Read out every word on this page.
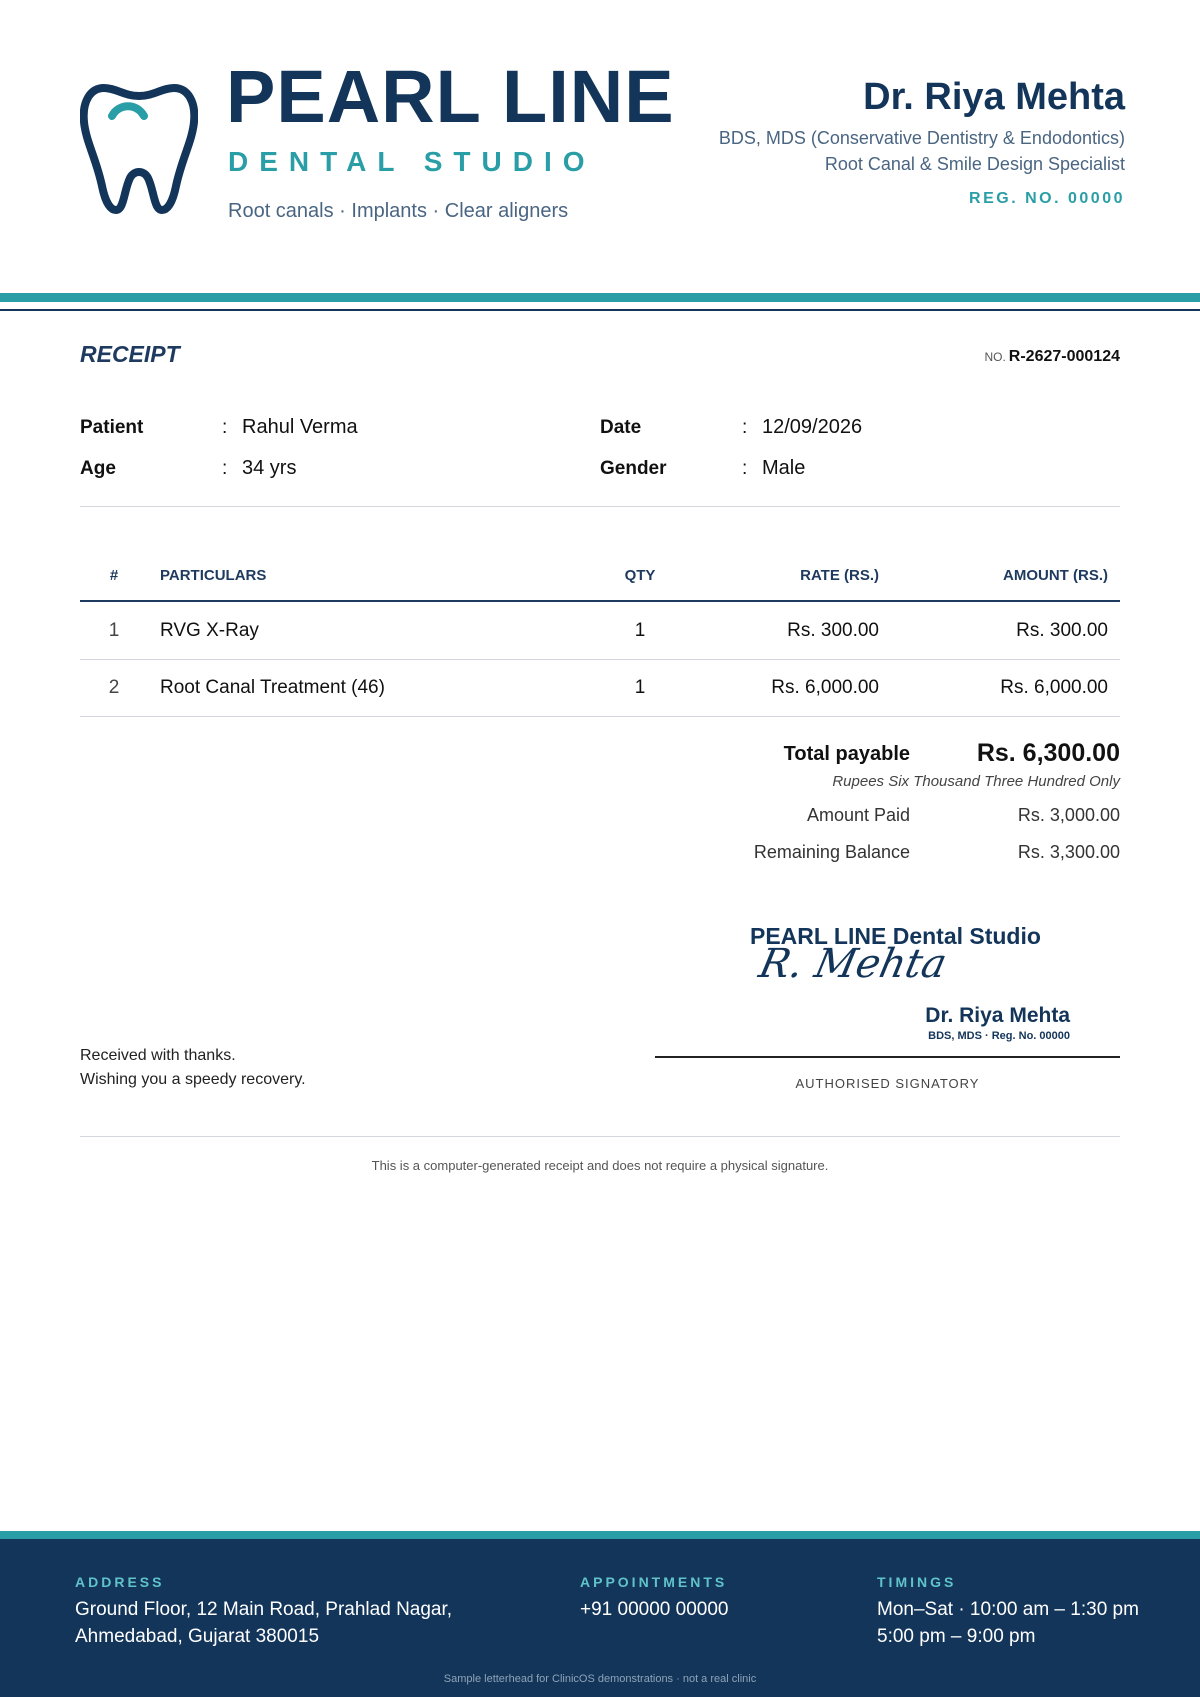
PEARL LINE
DENTAL STUDIO
Root canals · Implants · Clear aligners
Dr. Riya Mehta
BDS, MDS (Conservative Dentistry & Endodontics)
Root Canal & Smile Design Specialist
REG. NO. 00000
RECEIPT	NO. R-2627-000124
Patient	: Rahul Verma
Age	: 34 yrs
Date	: 12/09/2026
Gender	: Male
#	PARTICULARS	QTY	RATE (RS.)	AMOUNT (RS.)
1	RVG X-Ray	1	Rs. 300.00	Rs. 300.00
2	Root Canal Treatment (46)	1	Rs. 6,000.00	Rs. 6,000.00
Total payable	Rs. 6,300.00
Rupees Six Thousand Three Hundred Only
Amount Paid	Rs. 3,000.00
Remaining Balance	Rs. 3,300.00
PEARL LINE Dental Studio
R. Mehta
Dr. Riya Mehta
BDS, MDS · Reg. No. 00000
AUTHORISED SIGNATORY
Received with thanks.
Wishing you a speedy recovery.
This is a computer-generated receipt and does not require a physical signature.
ADDRESS
Ground Floor, 12 Main Road, Prahlad Nagar,
Ahmedabad, Gujarat 380015
APPOINTMENTS
+91 00000 00000
TIMINGS
Mon–Sat · 10:00 am – 1:30 pm
5:00 pm – 9:00 pm
Sample letterhead for ClinicOS demonstrations · not a real clinic
